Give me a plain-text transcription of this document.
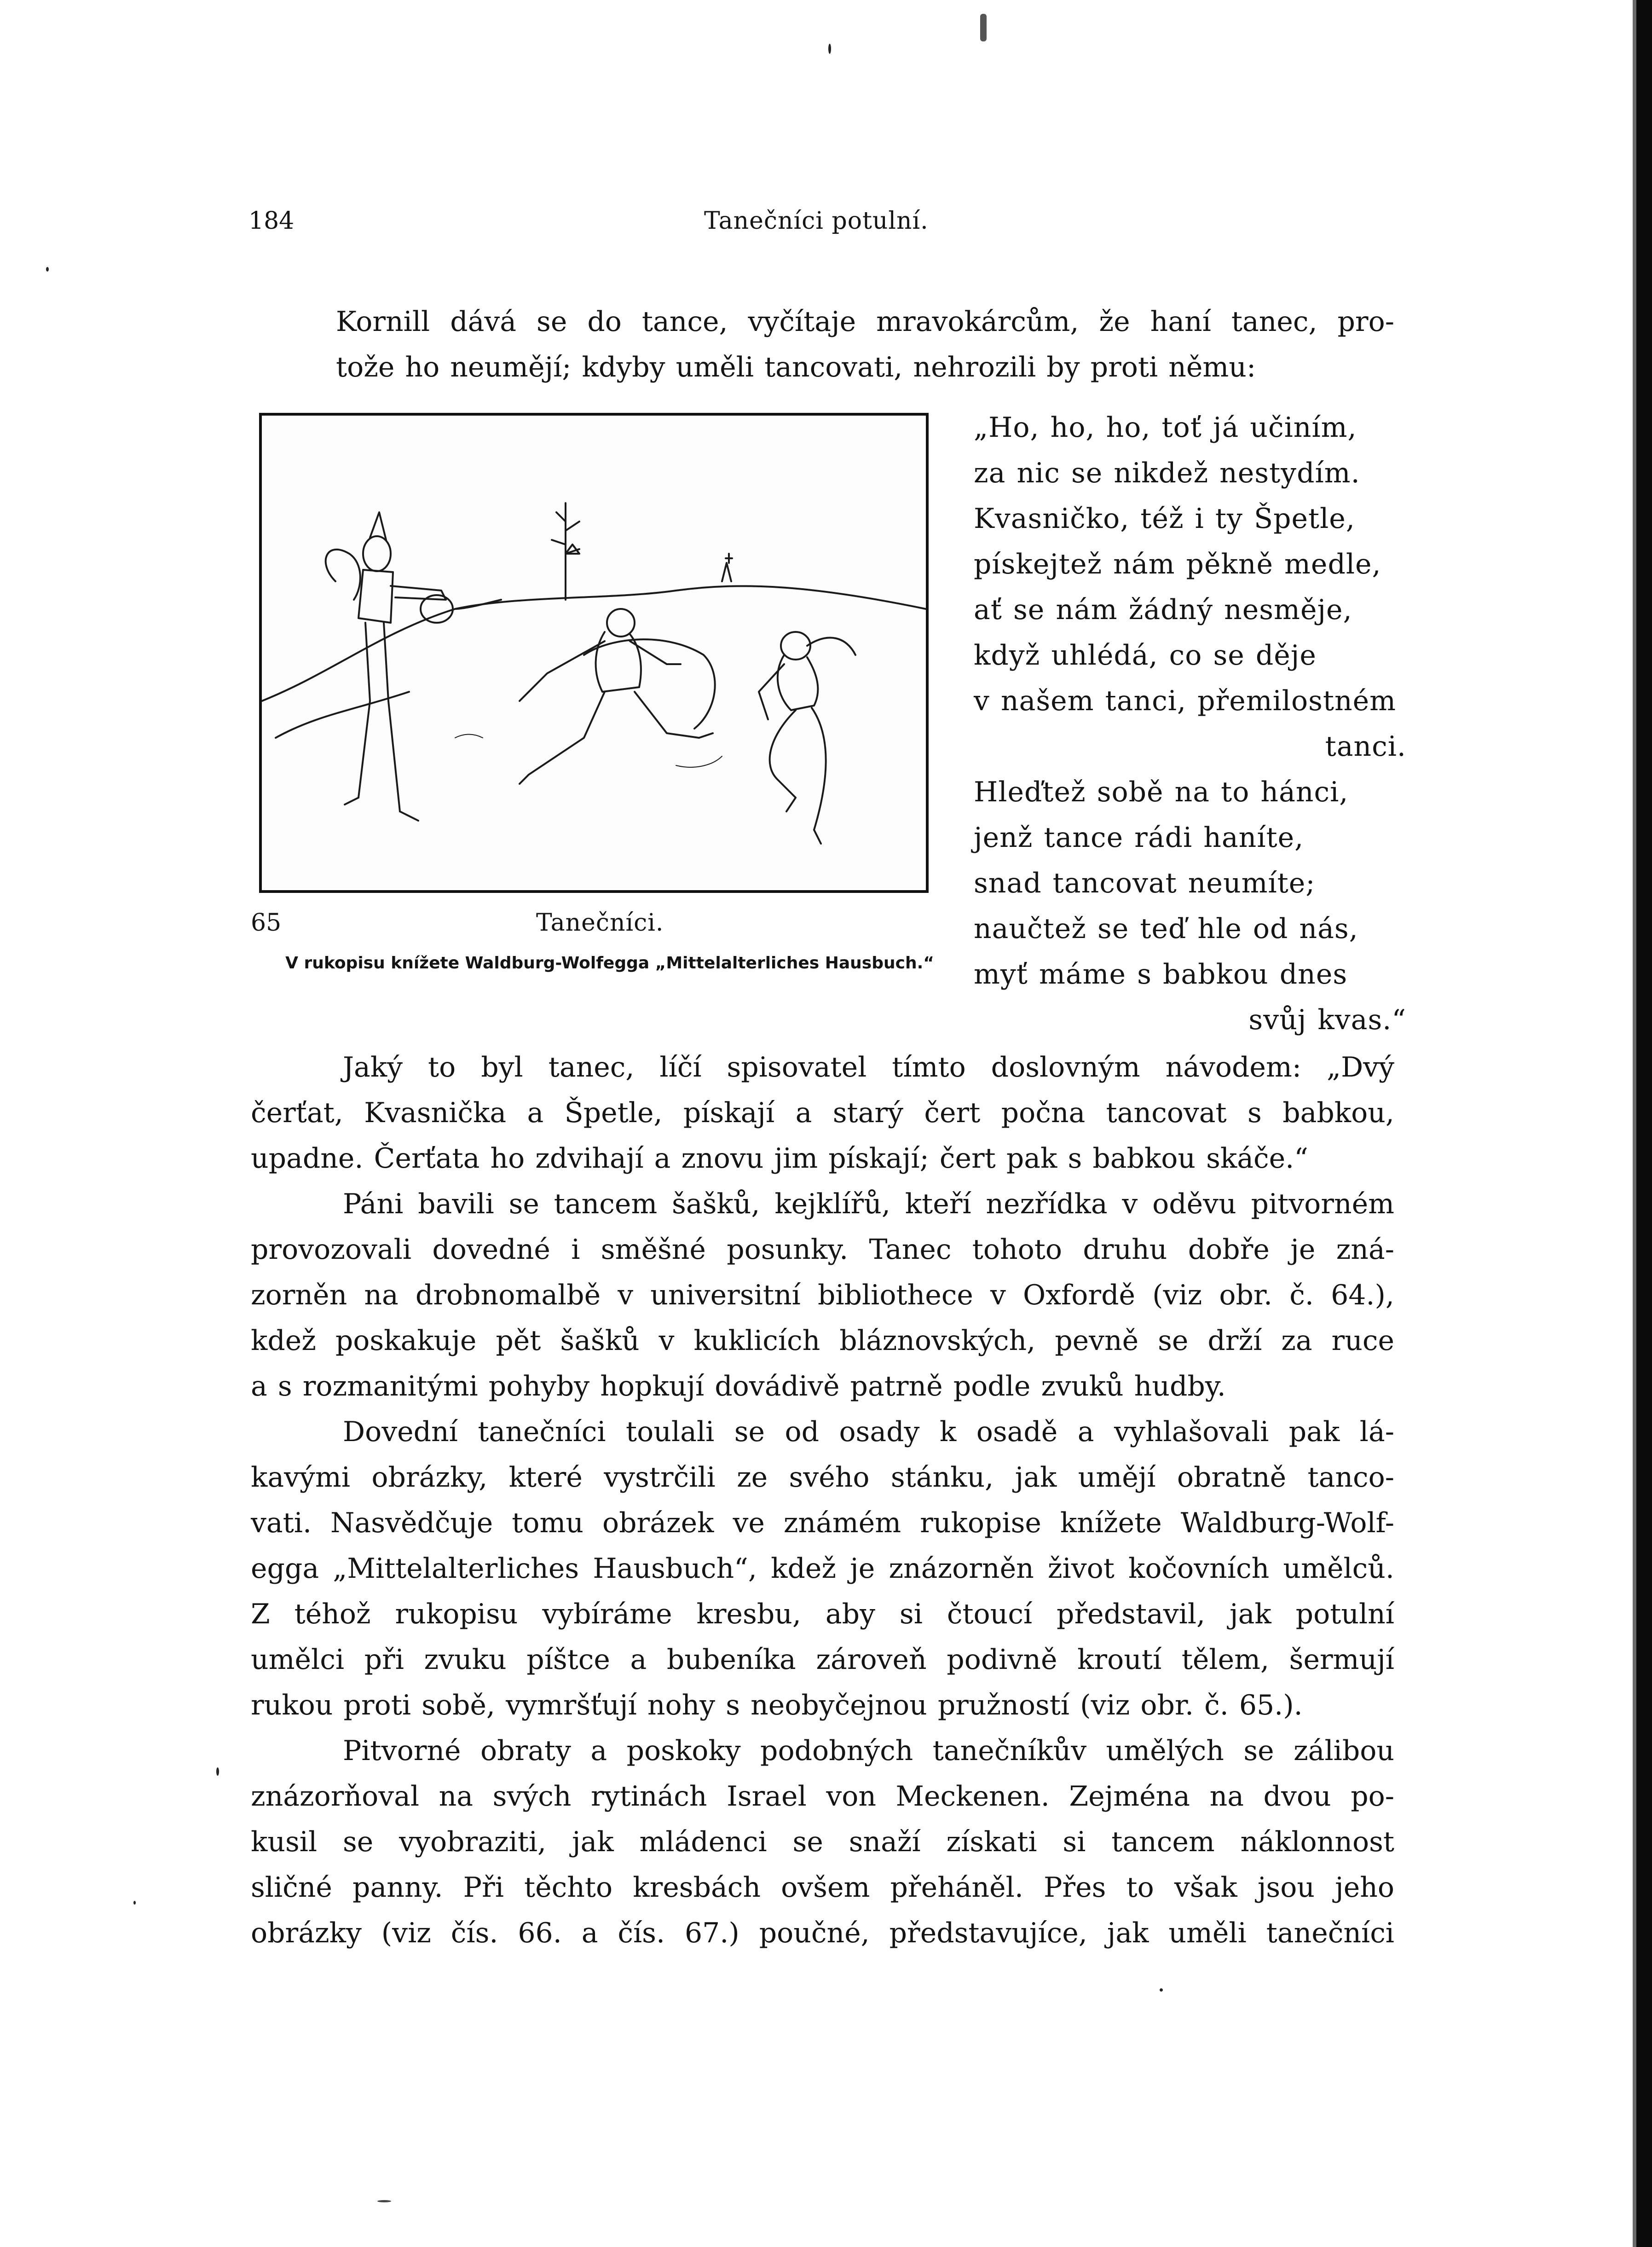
184	Tanečníci potulní.

Kornill dává se do tance, vyčítaje mravokárcům, že haní tanec, pro-

tože ho neumějí; kdyby uměli tancovati, nehrozili by proti němu:

65	Tanečníci.
V rukopisu knížete Waldburg-Wolfegga „Mittelalterliches Hausbuch.“

„Ho, ho, ho, toť já učiním,

za nic se nikdež nestydím.

Kvasničko, též i ty Špetle,

pískejtež nám pěkně medle,

ať se nám žádný nesměje,

když uhlédá, co se děje

v našem tanci, přemilostném

tanci.

Hleďtež sobě na to hánci,

jenž tance rádi haníte,

snad tancovat neumíte;

naučtež se teď hle od nás,

myť máme s babkou dnes

svůj kvas.“

Jaký to byl tanec, líčí spisovatel tímto doslovným návodem: „Dvý

čerťat, Kvasnička a Špetle, pískají a starý čert počna tancovat s babkou,

upadne. Čerťata ho zdvihají a znovu jim pískají; čert pak s babkou skáče.“

Páni bavili se tancem šašků, kejklířů, kteří nezřídka v oděvu pitvorném

provozovali dovedné i směšné posunky. Tanec tohoto druhu dobře je zná-

zorněn na drobnomalbě v universitní bibliothece v Oxfordě (viz obr. č. 64.),

kdež poskakuje pět šašků v kuklicích bláznovských, pevně se drží za ruce

a s rozmanitými pohyby hopkují dovádivě patrně podle zvuků hudby.

Dovední tanečníci toulali se od osady k osadě a vyhlašovali pak lá-

kavými obrázky, které vystrčili ze svého stánku, jak umějí obratně tanco-

vati. Nasvědčuje tomu obrázek ve známém rukopise knížete Waldburg-Wolf-

egga „Mittelalterliches Hausbuch“, kdež je znázorněn život kočovních umělců.

Z téhož rukopisu vybíráme kresbu, aby si čtoucí představil, jak potulní

umělci při zvuku píštce a bubeníka zároveň podivně kroutí tělem, šermují

rukou proti sobě, vymršťují nohy s neobyčejnou pružností (viz obr. č. 65.).

Pitvorné obraty a poskoky podobných tanečníkův umělých se zálibou

znázorňoval na svých rytinách Israel von Meckenen. Zejména na dvou po-

kusil se vyobraziti, jak mládenci se snaží získati si tancem náklonnost

sličné panny. Při těchto kresbách ovšem přeháněl. Přes to však jsou jeho

obrázky (viz čís. 66. a čís. 67.) poučné, představujíce, jak uměli tanečníci
